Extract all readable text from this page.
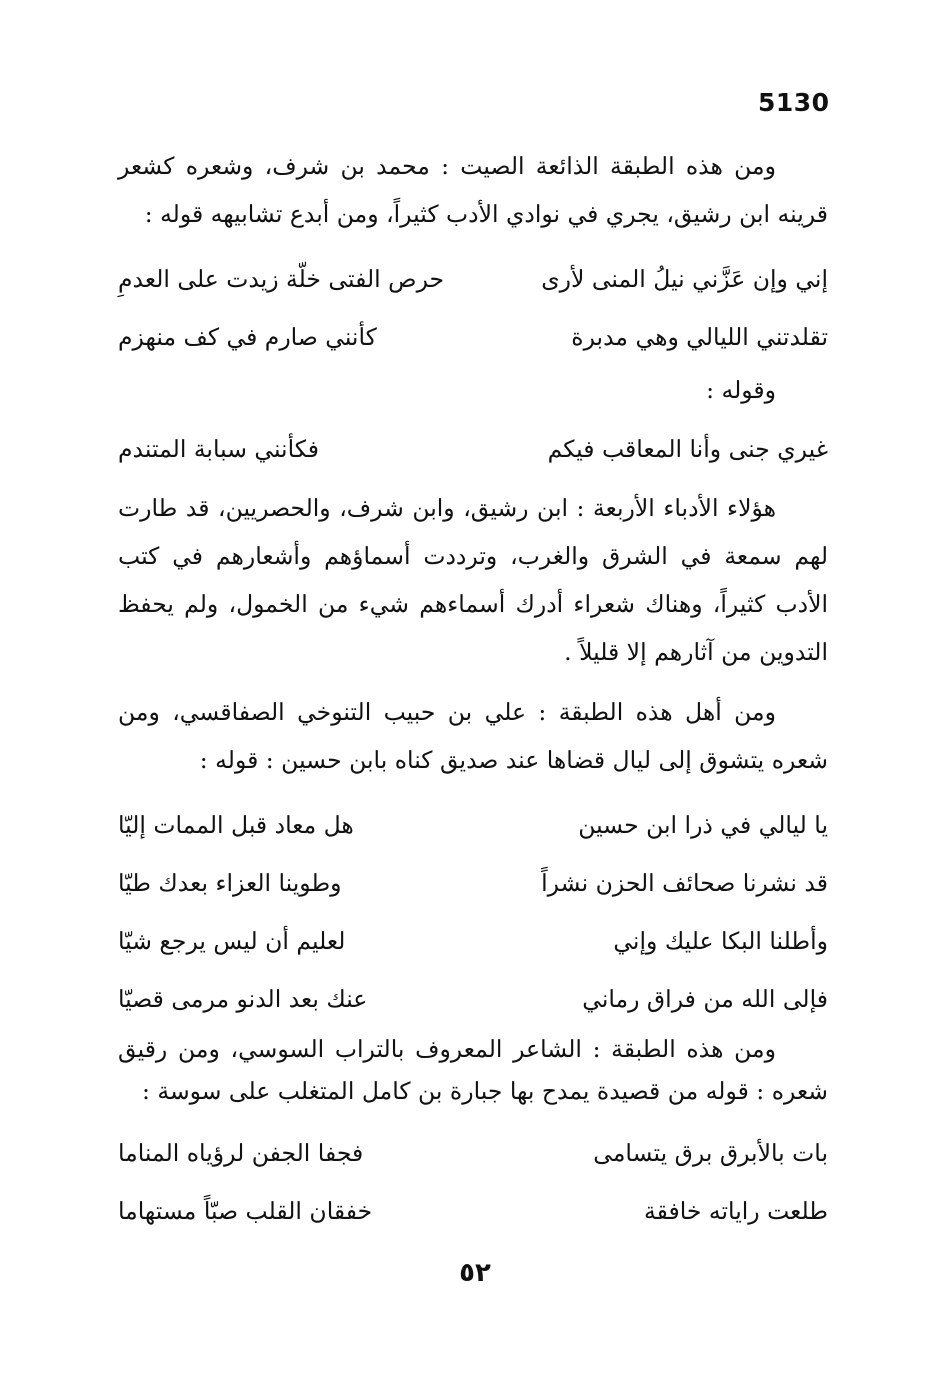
5130

ومن هذه الطبقة الذائعة الصيت : محمد بن شرف، وشعره كشعر قرينه ابن رشيق، يجري في نوادي الأدب كثيراً، ومن أبدع تشابيهه قوله :

إني وإن عَزَّني نيلُ المنى لأرى
حرص الفتى خلّة زيدت على العدمِ
تقلدتني الليالي وهي مدبرة
كأنني صارم في كف منهزم

وقوله :

غيري جنى وأنا المعاقب فيكم
فكأنني سبابة المتندم

هؤلاء الأدباء الأربعة : ابن رشيق، وابن شرف، والحصريين، قد طارت لهم سمعة في الشرق والغرب، وترددت أسماؤهم وأشعارهم في كتب الأدب كثيراً، وهناك شعراء أدرك أسماءهم شيء من الخمول، ولم يحفظ التدوين من آثارهم إلا قليلاً .

ومن أهل هذه الطبقة : علي بن حبيب التنوخي الصفاقسي، ومن شعره يتشوق إلى ليال قضاها عند صديق كناه بابن حسين : قوله :

يا ليالي في ذرا ابن حسين
هل معاد قبل الممات إليّا
قد نشرنا صحائف الحزن نشراً
وطوينا العزاء بعدك طيّا
وأطلنا البكا عليك وإني
لعليم أن ليس يرجع شيّا
فإلى الله من فراق رماني
عنك بعد الدنو مرمى قصيّا

ومن هذه الطبقة : الشاعر المعروف بالتراب السوسي، ومن رقيق شعره : قوله من قصيدة يمدح بها جبارة بن كامل المتغلب على سوسة :

بات بالأبرق برق يتسامى
فجفا الجفن لرؤياه المناما
طلعت راياته خافقة
خفقان القلب صبّاً مستهاما
٥٢
